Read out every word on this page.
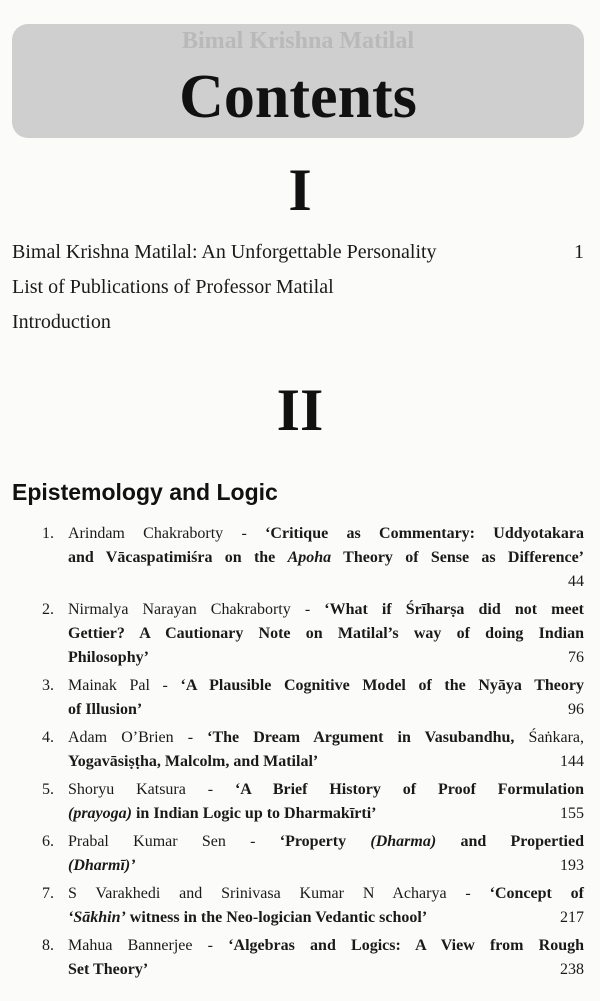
Bimal Krishna Matilal
Contents
I
Bimal Krishna Matilal: An Unforgettable Personality	1
List of Publications of Professor Matilal
Introduction
II
Epistemology and Logic
1. Arindam Chakraborty - ‘Critique as Commentary: Uddyotakara
and Vācaspatimiśra on the Apoha Theory of Sense as Difference’
44
2. Nirmalya Narayan Chakraborty - ‘What if Śrīharṣa did not meet
Gettier? A Cautionary Note on Matilal’s way of doing Indian
Philosophy’	76
3. Mainak Pal - ‘A Plausible Cognitive Model of the Nyāya Theory
of Illusion’	96
4. Adam O’Brien - ‘The Dream Argument in Vasubandhu, Śaṅkara,
Yogavāsiṣṭha, Malcolm, and Matilal’	144
5. Shoryu Katsura - ‘A Brief History of Proof Formulation
(prayoga) in Indian Logic up to Dharmakīrti’	155
6. Prabal Kumar Sen - ‘Property (Dharma) and Propertied
(Dharmī)’	193
7. S Varakhedi and Srinivasa Kumar N Acharya - ‘Concept of
‘Sākhin’ witness in the Neo-logician Vedantic school’	217
8. Mahua Bannerjee - ‘Algebras and Logics: A View from Rough
Set Theory’	238
